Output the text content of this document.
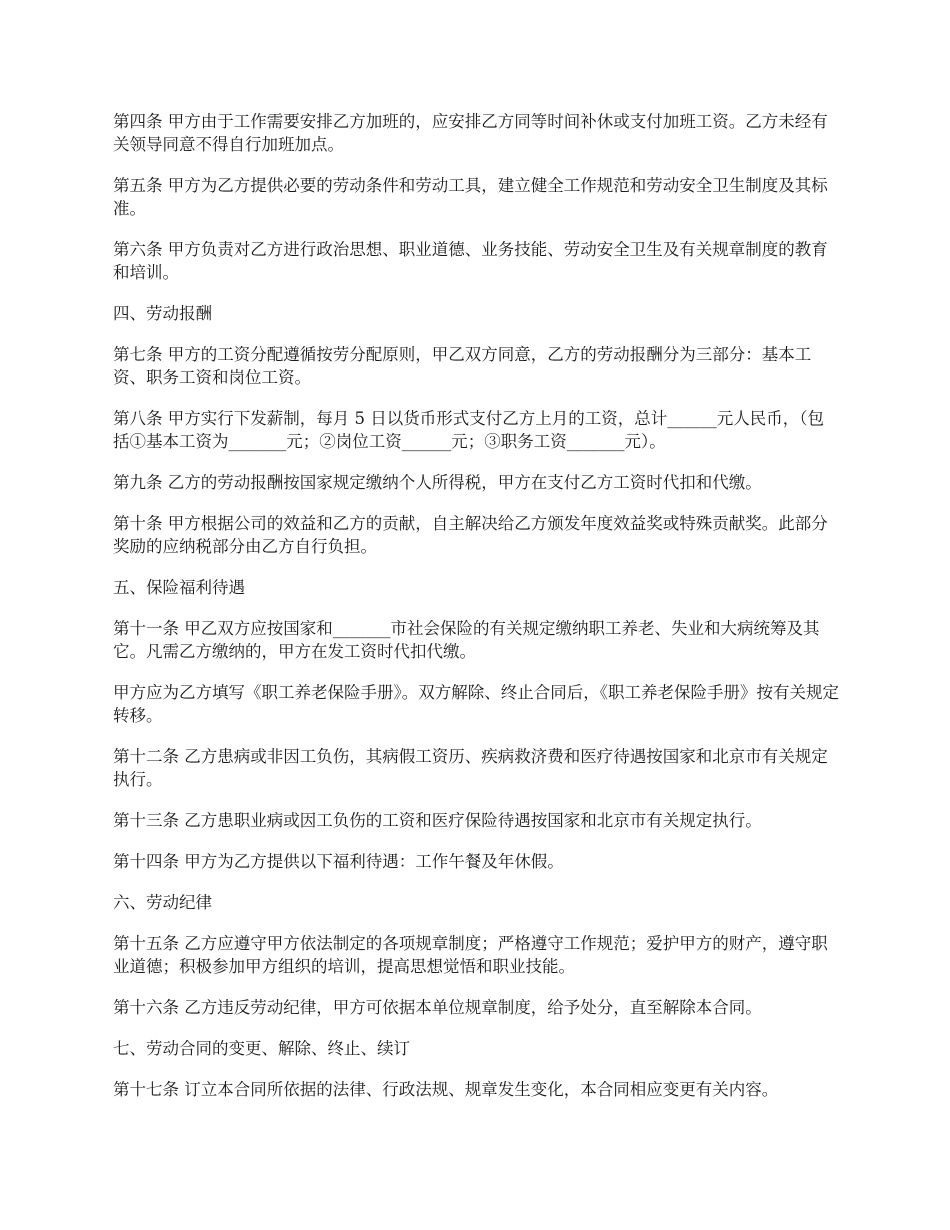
第四条 甲方由于工作需要安排乙方加班的，应安排乙方同等时间补休或支付加班工资。乙方未经有关领导同意不得自行加班加点。

第五条 甲方为乙方提供必要的劳动条件和劳动工具，建立健全工作规范和劳动安全卫生制度及其标准。

第六条 甲方负责对乙方进行政治思想、职业道德、业务技能、劳动安全卫生及有关规章制度的教育和培训。

四、劳动报酬

第七条 甲方的工资分配遵循按劳分配原则，甲乙双方同意，乙方的劳动报酬分为三部分：基本工资、职务工资和岗位工资。

第八条 甲方实行下发薪制，每月 5 日以货币形式支付乙方上月的工资，总计______元人民币，（包括①基本工资为_______元；②岗位工资______元；③职务工资_______元）。

第九条 乙方的劳动报酬按国家规定缴纳个人所得税，甲方在支付乙方工资时代扣和代缴。

第十条 甲方根据公司的效益和乙方的贡献，自主解决给乙方颁发年度效益奖或特殊贡献奖。此部分奖励的应纳税部分由乙方自行负担。

五、保险福利待遇

第十一条 甲乙双方应按国家和_______市社会保险的有关规定缴纳职工养老、失业和大病统筹及其它。凡需乙方缴纳的，甲方在发工资时代扣代缴。

甲方应为乙方填写《职工养老保险手册》。双方解除、终止合同后，《职工养老保险手册》按有关规定转移。

第十二条 乙方患病或非因工负伤，其病假工资历、疾病救济费和医疗待遇按国家和北京市有关规定执行。

第十三条 乙方患职业病或因工负伤的工资和医疗保险待遇按国家和北京市有关规定执行。

第十四条 甲方为乙方提供以下福利待遇：工作午餐及年休假。

六、劳动纪律

第十五条 乙方应遵守甲方依法制定的各项规章制度；严格遵守工作规范；爱护甲方的财产，遵守职业道德；积极参加甲方组织的培训，提高思想觉悟和职业技能。

第十六条 乙方违反劳动纪律，甲方可依据本单位规章制度，给予处分，直至解除本合同。

七、劳动合同的变更、解除、终止、续订

第十七条 订立本合同所依据的法律、行政法规、规章发生变化，本合同相应变更有关内容。
